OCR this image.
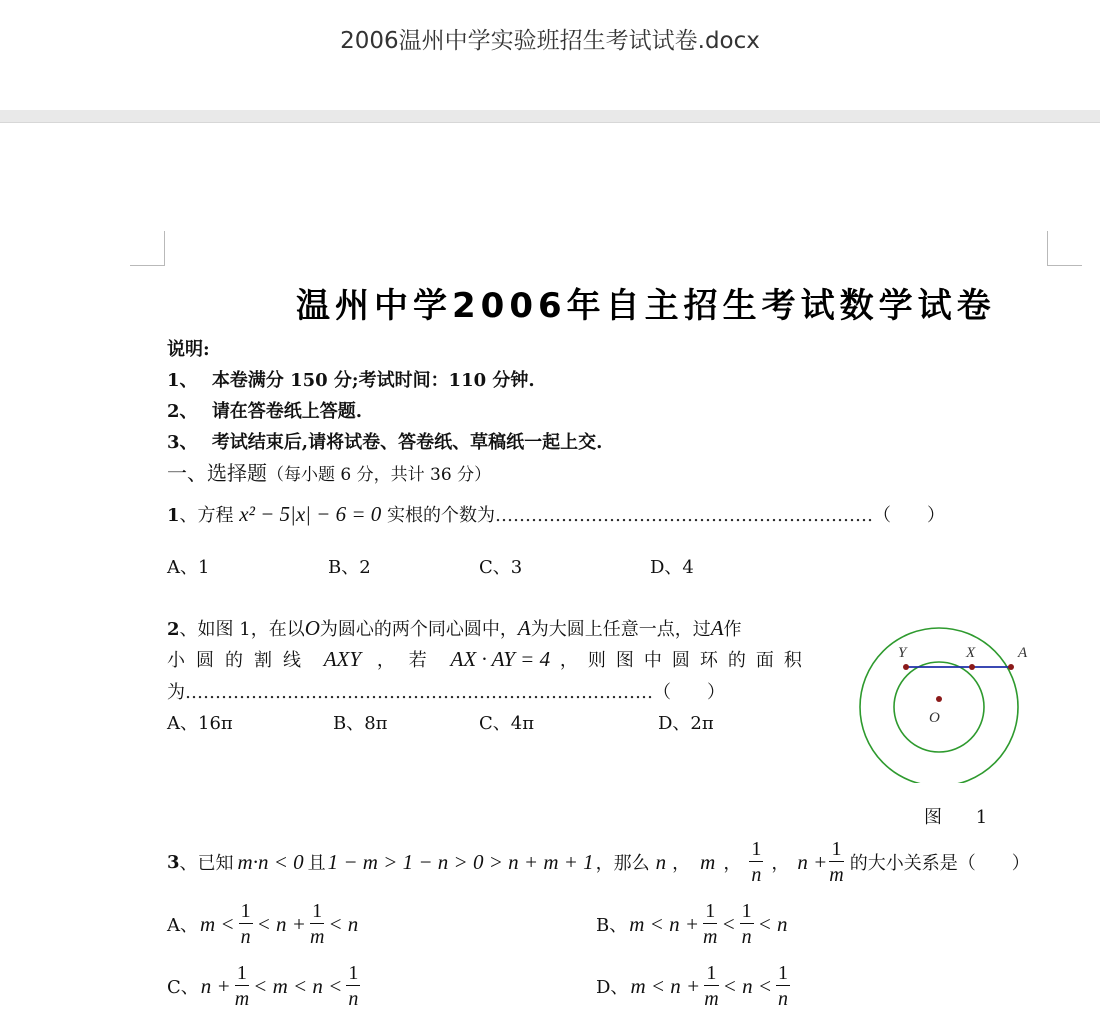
2006温州中学实验班招生考试试卷.docx
温州中学2006年自主招生考试数学试卷
说明:
1、 本卷满分 150 分;考试时间：110 分钟.
2、 请在答卷纸上答题.
3、 考试结束后,请将试卷、答卷纸、草稿纸一起上交.
一、选择题（每小题 6 分，共计 36 分）
1、方程 x² − 5|x| − 6 = 0 实根的个数为………………………………………………………（　　）
A、1	B、2	C、3	D、4
2、如图 1，在以O为圆心的两个同心圆中，A为大圆上任意一点，过A作
小圆的割线 AXY ，若 AX · AY = 4 ，则图中圆环的面积
为……………………………………………………………………（　　）
A、16π	B、8π	C、4π	D、2π
Y	X	A
O
图 1
3 、已知 m·n < 0 且 1 − m > 1 − n > 0 > n + m + 1 ，那么 n ， m ， $\frac{1}{n}$ ， $n + \frac{1}{m}$ 的大小关系是（　　）
A、 $m < \frac{1}{n} < n + \frac{1}{m} < n$	B、 $m < n + \frac{1}{m} < \frac{1}{n} < n$
C、 $n + \frac{1}{m} < m < n < \frac{1}{n}$	D、 $m < n + \frac{1}{m} < n < \frac{1}{n}$
